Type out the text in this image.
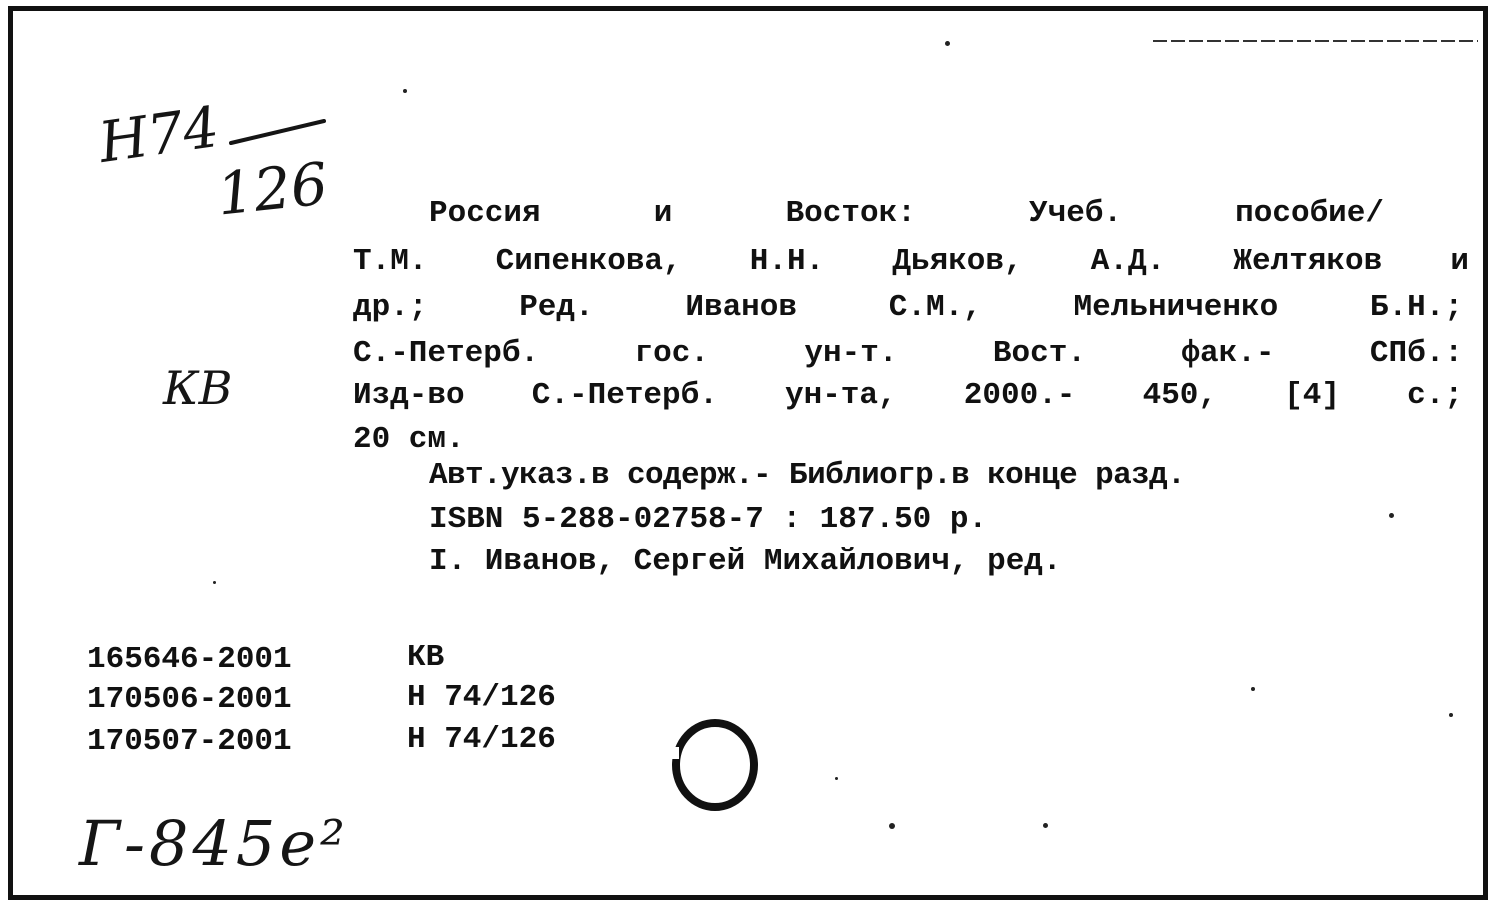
Н74
126
КВ
Россия	и	Восток:	Учеб.	пособие/
Т.М. Сипенкова, Н.Н. Дьяков, А.Д. Желтяков и
др.;	Ред.	Иванов	С.М.,	Мельниченко	Б.Н.;
С.-Петерб.	гос.	ун-т.	Вост.	фак.-	СПб.:
Изд-во С.-Петерб. ун-та, 2000.- 450, [4] с.;
20 см.
Авт.указ.в содерж.- Библиогр.в конце разд.
ISBN 5-288-02758-7 : 187.50 р.
I. Иванов, Сергей Михайлович, ред.
165646-2001	КВ
170506-2001	Н 74/126
170507-2001	Н 74/126
Г-845е²
